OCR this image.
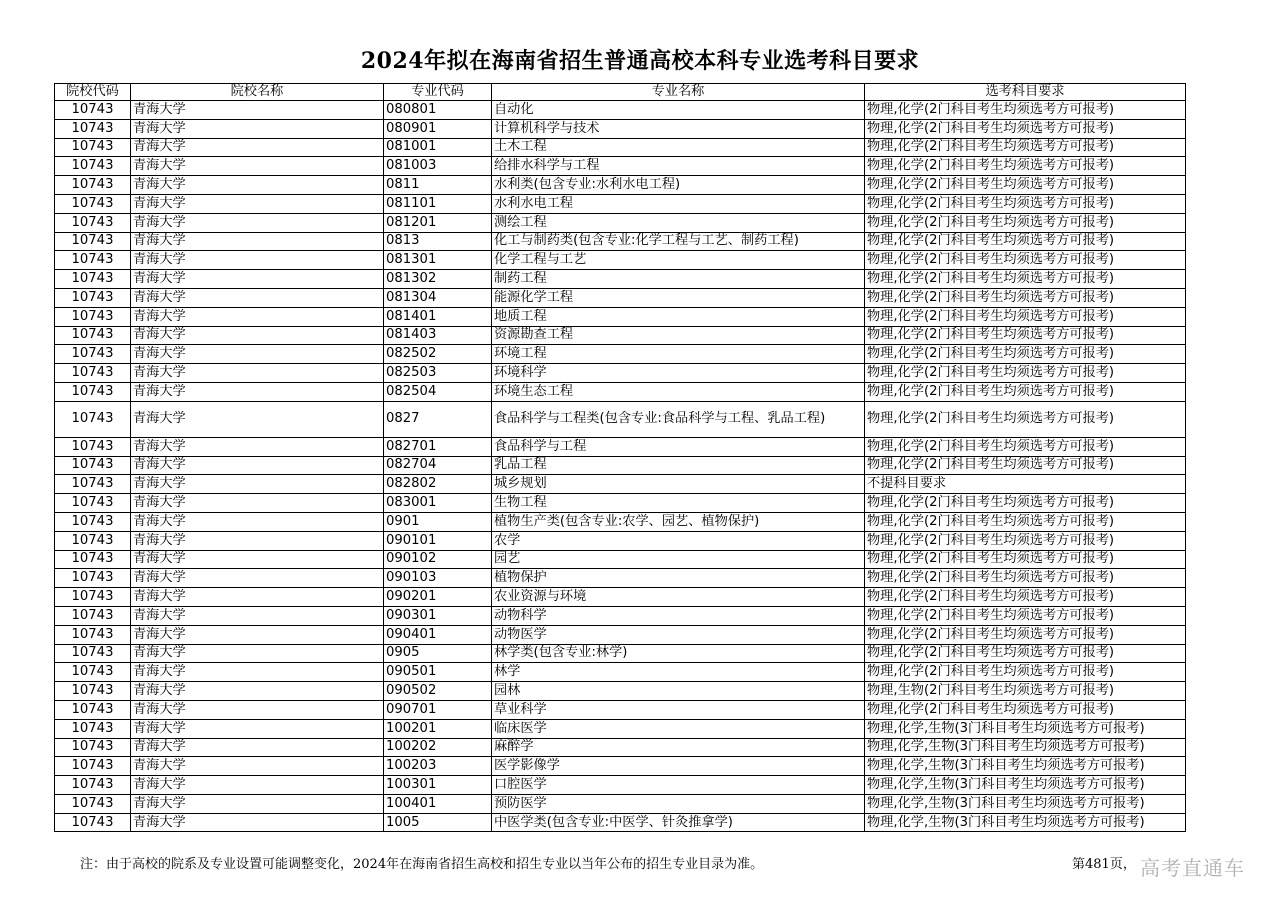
2024年拟在海南省招生普通高校本科专业选考科目要求
院校代码	院校名称	专业代码	专业名称	选考科目要求
10743	青海大学	080801	自动化	物理,化学(2门科目考生均须选考方可报考)
10743	青海大学	080901	计算机科学与技术	物理,化学(2门科目考生均须选考方可报考)
10743	青海大学	081001	土木工程	物理,化学(2门科目考生均须选考方可报考)
10743	青海大学	081003	给排水科学与工程	物理,化学(2门科目考生均须选考方可报考)
10743	青海大学	0811	水利类(包含专业:水利水电工程)	物理,化学(2门科目考生均须选考方可报考)
10743	青海大学	081101	水利水电工程	物理,化学(2门科目考生均须选考方可报考)
10743	青海大学	081201	测绘工程	物理,化学(2门科目考生均须选考方可报考)
10743	青海大学	0813	化工与制药类(包含专业:化学工程与工艺、制药工程)	物理,化学(2门科目考生均须选考方可报考)
10743	青海大学	081301	化学工程与工艺	物理,化学(2门科目考生均须选考方可报考)
10743	青海大学	081302	制药工程	物理,化学(2门科目考生均须选考方可报考)
10743	青海大学	081304	能源化学工程	物理,化学(2门科目考生均须选考方可报考)
10743	青海大学	081401	地质工程	物理,化学(2门科目考生均须选考方可报考)
10743	青海大学	081403	资源勘查工程	物理,化学(2门科目考生均须选考方可报考)
10743	青海大学	082502	环境工程	物理,化学(2门科目考生均须选考方可报考)
10743	青海大学	082503	环境科学	物理,化学(2门科目考生均须选考方可报考)
10743	青海大学	082504	环境生态工程	物理,化学(2门科目考生均须选考方可报考)
10743	青海大学	0827	食品科学与工程类(包含专业:食品科学与工程、乳品工程)	物理,化学(2门科目考生均须选考方可报考)
10743	青海大学	082701	食品科学与工程	物理,化学(2门科目考生均须选考方可报考)
10743	青海大学	082704	乳品工程	物理,化学(2门科目考生均须选考方可报考)
10743	青海大学	082802	城乡规划	不提科目要求
10743	青海大学	083001	生物工程	物理,化学(2门科目考生均须选考方可报考)
10743	青海大学	0901	植物生产类(包含专业:农学、园艺、植物保护)	物理,化学(2门科目考生均须选考方可报考)
10743	青海大学	090101	农学	物理,化学(2门科目考生均须选考方可报考)
10743	青海大学	090102	园艺	物理,化学(2门科目考生均须选考方可报考)
10743	青海大学	090103	植物保护	物理,化学(2门科目考生均须选考方可报考)
10743	青海大学	090201	农业资源与环境	物理,化学(2门科目考生均须选考方可报考)
10743	青海大学	090301	动物科学	物理,化学(2门科目考生均须选考方可报考)
10743	青海大学	090401	动物医学	物理,化学(2门科目考生均须选考方可报考)
10743	青海大学	0905	林学类(包含专业:林学)	物理,化学(2门科目考生均须选考方可报考)
10743	青海大学	090501	林学	物理,化学(2门科目考生均须选考方可报考)
10743	青海大学	090502	园林	物理,生物(2门科目考生均须选考方可报考)
10743	青海大学	090701	草业科学	物理,化学(2门科目考生均须选考方可报考)
10743	青海大学	100201	临床医学	物理,化学,生物(3门科目考生均须选考方可报考)
10743	青海大学	100202	麻醉学	物理,化学,生物(3门科目考生均须选考方可报考)
10743	青海大学	100203	医学影像学	物理,化学,生物(3门科目考生均须选考方可报考)
10743	青海大学	100301	口腔医学	物理,化学,生物(3门科目考生均须选考方可报考)
10743	青海大学	100401	预防医学	物理,化学,生物(3门科目考生均须选考方可报考)
10743	青海大学	1005	中医学类(包含专业:中医学、针灸推拿学)	物理,化学,生物(3门科目考生均须选考方可报考)
注：由于高校的院系及专业设置可能调整变化，2024年在海南省招生高校和招生专业以当年公布的招生专业目录为准。	第481页， 高考直通车
